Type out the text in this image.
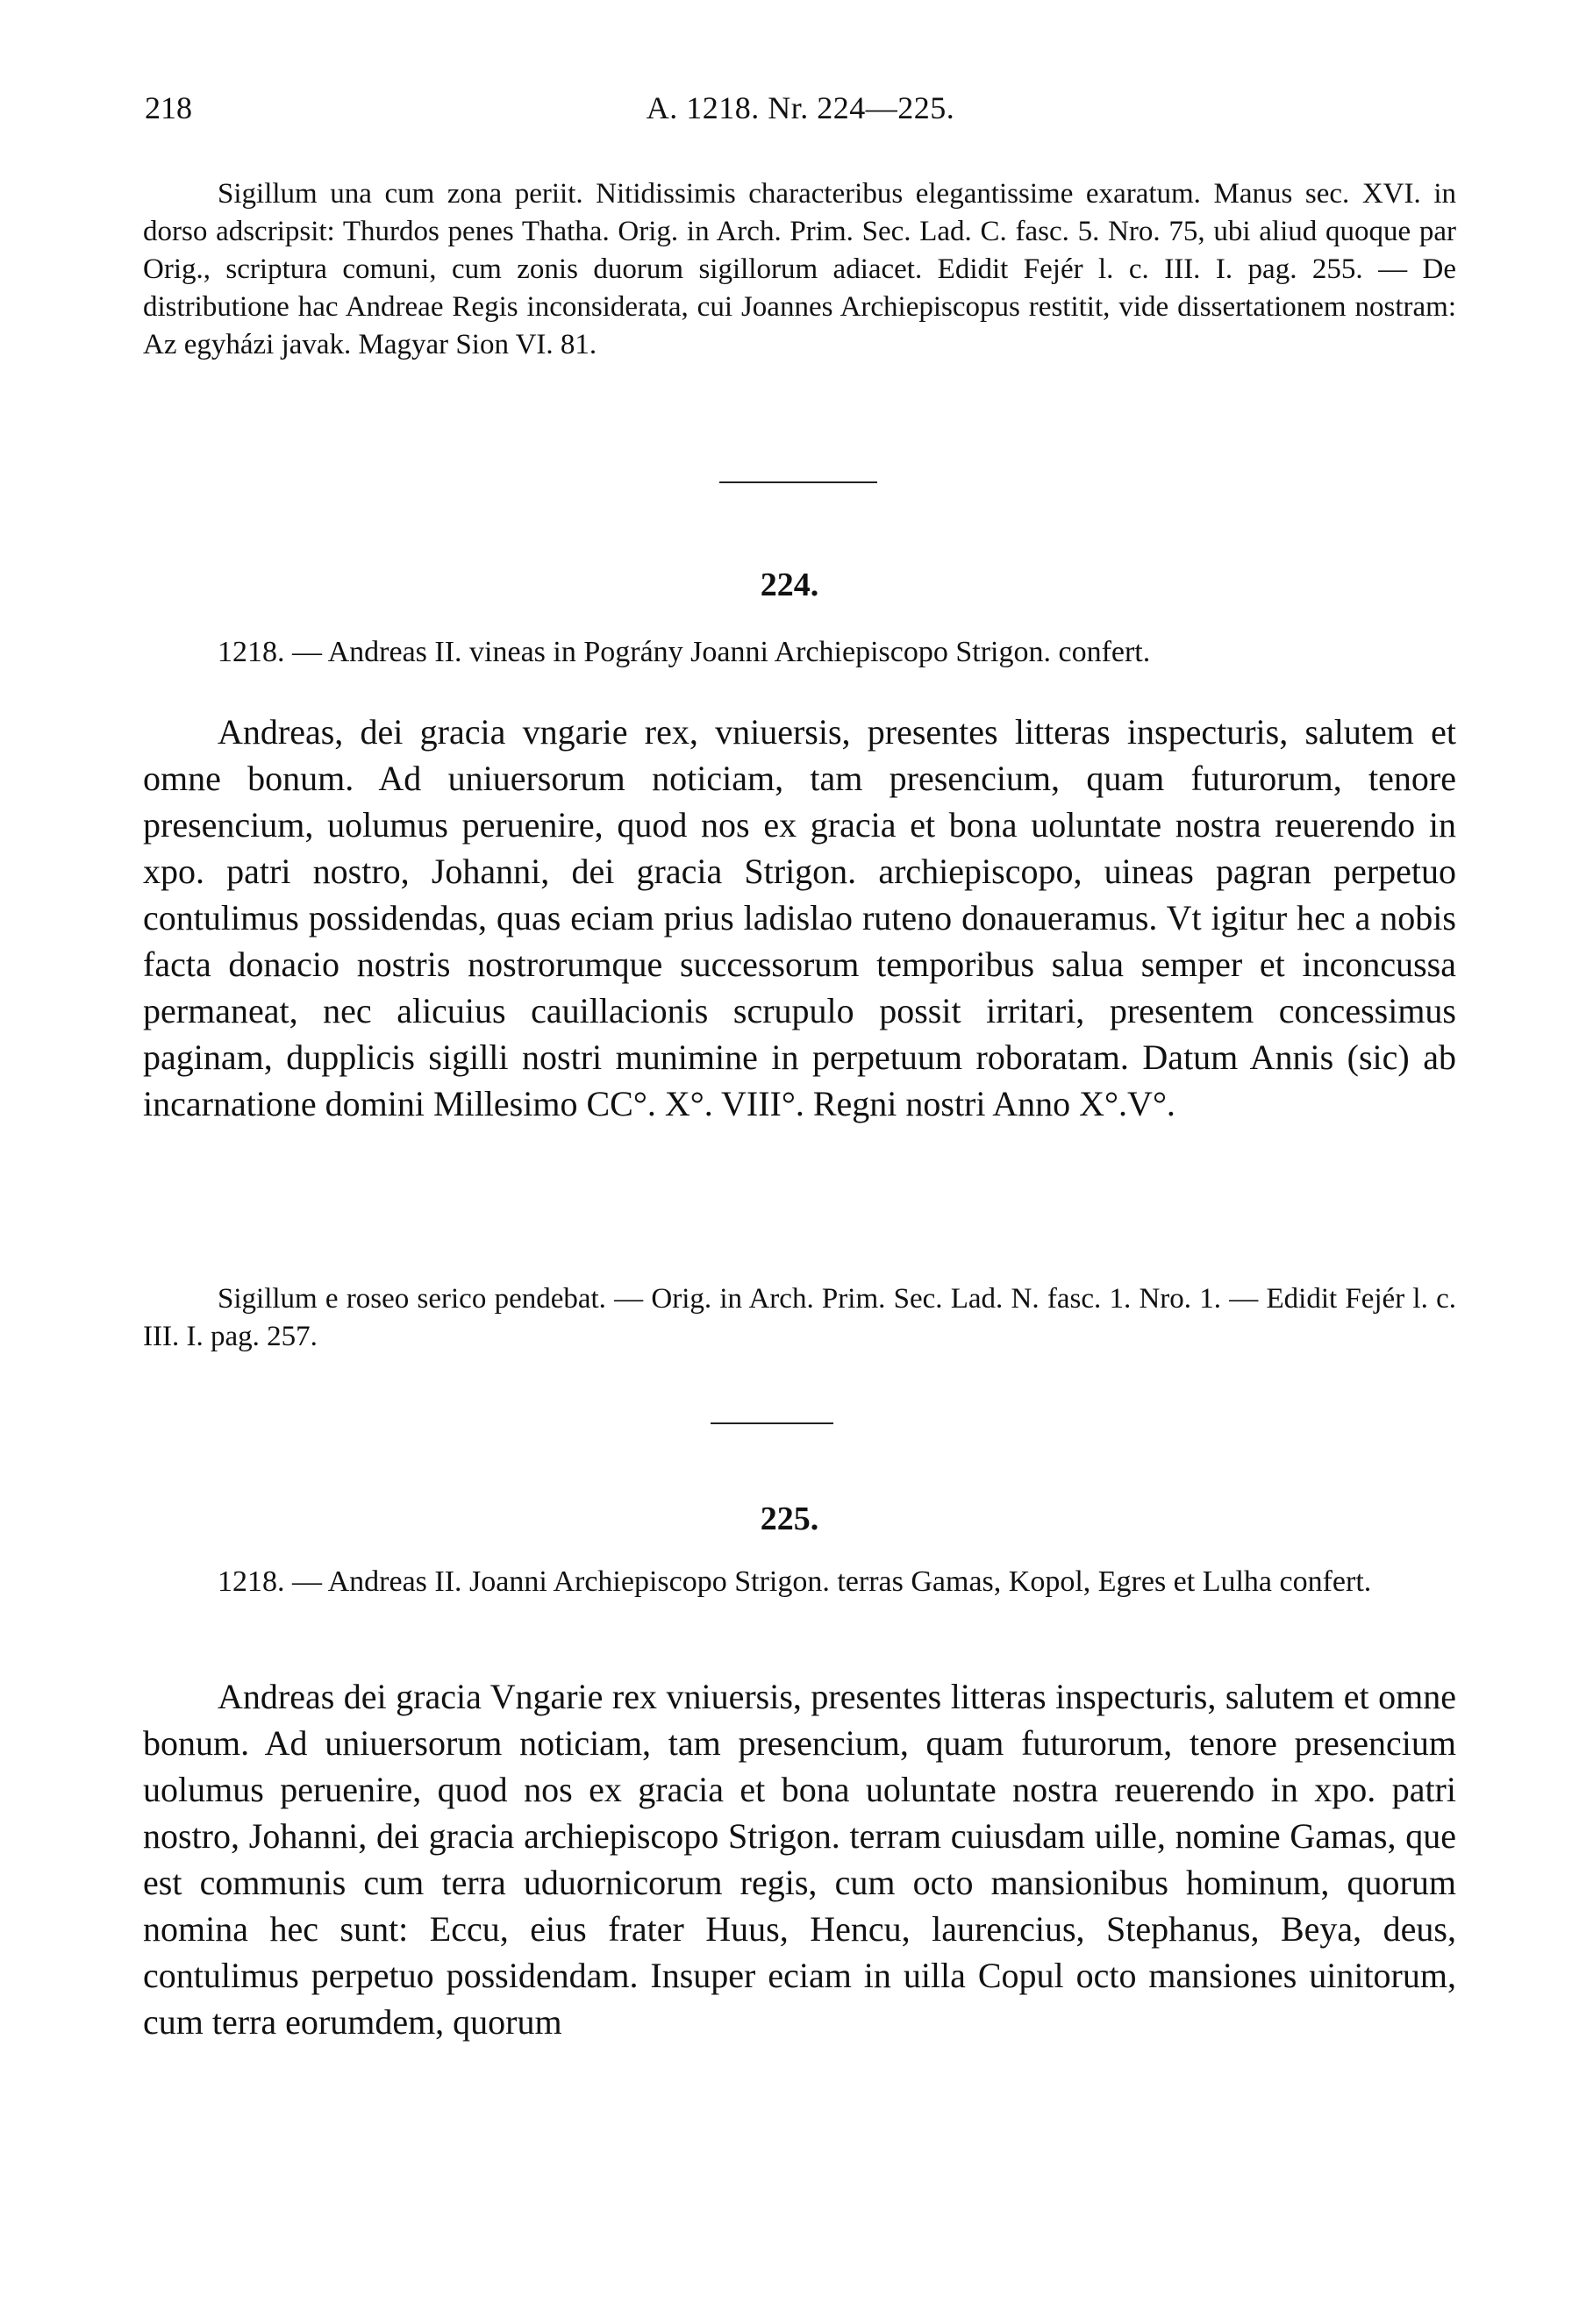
218	A. 1218. Nr. 224—225.

Sigillum una cum zona periit. Nitidissimis characteribus elegantissime exaratum. Manus sec. XVI. in dorso adscripsit: Thurdos penes Thatha. Orig. in Arch. Prim. Sec. Lad. C. fasc. 5. Nro. 75, ubi aliud quoque par Orig., scriptura comuni, cum zonis duorum sigillorum adiacet. Edidit Fejér l. c. III. I. pag. 255. — De distributione hac Andreae Regis inconsiderata, cui Joannes Archiepiscopus restitit, vide dissertationem nostram: Az egyházi javak. Magyar Sion VI. 81.

224.

1218. — Andreas II. vineas in Pográny Joanni Archiepiscopo Strigon. confert.

Andreas, dei gracia vngarie rex, vniuersis, presentes litteras inspecturis, salutem et omne bonum. Ad uniuersorum noticiam, tam presencium, quam futurorum, tenore presencium, uolumus peruenire, quod nos ex gracia et bona uoluntate nostra reuerendo in xpo. patri nostro, Johanni, dei gracia Strigon. archiepiscopo, uineas pagran perpetuo contulimus possidendas, quas eciam prius ladislao ruteno donaueramus. Vt igitur hec a nobis facta donacio nostris nostrorumque successorum temporibus salua semper et inconcussa permaneat, nec alicuius cauillacionis scrupulo possit irritari, presentem concessimus paginam, dupplicis sigilli nostri munimine in perpetuum roboratam. Datum Annis (sic) ab incarnatione domini Millesimo CC°. X°. VIII°. Regni nostri Anno X°.V°.

Sigillum e roseo serico pendebat. — Orig. in Arch. Prim. Sec. Lad. N. fasc. 1. Nro. 1. — Edidit Fejér l. c. III. I. pag. 257.

225.

1218. — Andreas II. Joanni Archiepiscopo Strigon. terras Gamas, Kopol, Egres et Lulha confert.

Andreas dei gracia Vngarie rex vniuersis, presentes litteras inspecturis, salutem et omne bonum. Ad uniuersorum noticiam, tam presencium, quam futurorum, tenore presencium uolumus peruenire, quod nos ex gracia et bona uoluntate nostra reuerendo in xpo. patri nostro, Johanni, dei gracia archiepiscopo Strigon. terram cuiusdam uille, nomine Gamas, que est communis cum terra uduornicorum regis, cum octo mansionibus hominum, quorum nomina hec sunt: Eccu, eius frater Huus, Hencu, laurencius, Stephanus, Beya, deus, contulimus perpetuo possidendam. Insuper eciam in uilla Copul octo mansiones uinitorum, cum terra eorumdem, quorum
